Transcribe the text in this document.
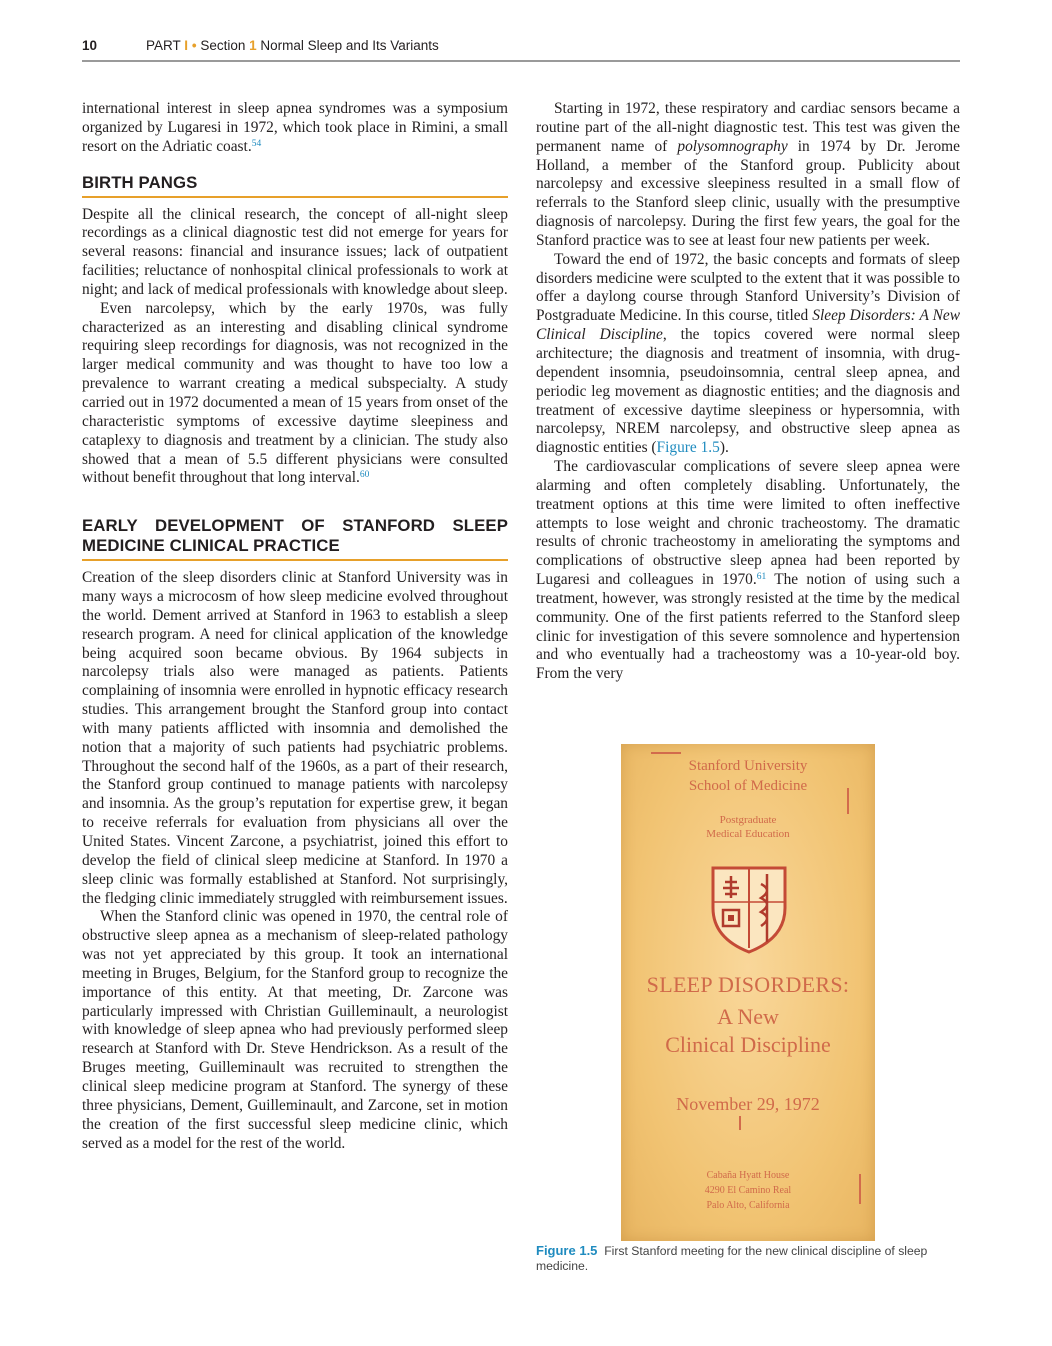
10	PART I • Section 1 Normal Sleep and Its Variants

international interest in sleep apnea syndromes was a symposium organized by Lugaresi in 1972, which took place in Rimini, a small resort on the Adriatic coast.$^{54}$

BIRTH PANGS

Despite all the clinical research, the concept of all-night sleep recordings as a clinical diagnostic test did not emerge for years for several reasons: financial and insurance issues; lack of outpatient facilities; reluctance of nonhospital clinical professionals to work at night; and lack of medical professionals with knowledge about sleep.

Even narcolepsy, which by the early 1970s, was fully characterized as an interesting and disabling clinical syndrome requiring sleep recordings for diagnosis, was not recognized in the larger medical community and was thought to have too low a prevalence to warrant creating a medical subspecialty. A study carried out in 1972 documented a mean of 15 years from onset of the characteristic symptoms of excessive daytime sleepiness and cataplexy to diagnosis and treatment by a clinician. The study also showed that a mean of 5.5 different physicians were consulted without benefit throughout that long interval.$^{60}$

EARLY DEVELOPMENT OF STANFORD SLEEP MEDICINE CLINICAL PRACTICE

Creation of the sleep disorders clinic at Stanford University was in many ways a microcosm of how sleep medicine evolved throughout the world. Dement arrived at Stanford in 1963 to establish a sleep research program. A need for clinical application of the knowledge being acquired soon became obvious. By 1964 subjects in narcolepsy trials also were managed as patients. Patients complaining of insomnia were enrolled in hypnotic efficacy research studies. This arrangement brought the Stanford group into contact with many patients afflicted with insomnia and demolished the notion that a majority of such patients had psychiatric problems. Throughout the second half of the 1960s, as a part of their research, the Stanford group continued to manage patients with narcolepsy and insomnia. As the group’s reputation for expertise grew, it began to receive referrals for evaluation from physicians all over the United States. Vincent Zarcone, a psychiatrist, joined this effort to develop the field of clinical sleep medicine at Stanford. In 1970 a sleep clinic was formally established at Stanford. Not surprisingly, the fledging clinic immediately struggled with reimbursement issues.

When the Stanford clinic was opened in 1970, the central role of obstructive sleep apnea as a mechanism of sleep-related pathology was not yet appreciated by this group. It took an international meeting in Bruges, Belgium, for the Stanford group to recognize the importance of this entity. At that meeting, Dr. Zarcone was particularly impressed with Christian Guilleminault, a neurologist with knowledge of sleep apnea who had previously performed sleep research at Stanford with Dr. Steve Hendrickson. As a result of the Bruges meeting, Guilleminault was recruited to strengthen the clinical sleep medicine program at Stanford. The synergy of these three physicians, Dement, Guilleminault, and Zarcone, set in motion the creation of the first successful sleep medicine clinic, which served as a model for the rest of the world.

Starting in 1972, these respiratory and cardiac sensors became a routine part of the all-night diagnostic test. This test was given the permanent name of polysomnography in 1974 by Dr. Jerome Holland, a member of the Stanford group. Publicity about narcolepsy and excessive sleepiness resulted in a small flow of referrals to the Stanford sleep clinic, usually with the presumptive diagnosis of narcolepsy. During the first few years, the goal for the Stanford practice was to see at least four new patients per week.

Toward the end of 1972, the basic concepts and formats of sleep disorders medicine were sculpted to the extent that it was possible to offer a daylong course through Stanford University’s Division of Postgraduate Medicine. In this course, titled Sleep Disorders: A New Clinical Discipline, the topics covered were normal sleep architecture; the diagnosis and treatment of insomnia, with drug-dependent insomnia, pseudoinsomnia, central sleep apnea, and periodic leg movement as diagnostic entities; and the diagnosis and treatment of excessive daytime sleepiness or hypersomnia, with narcolepsy, NREM narcolepsy, and obstructive sleep apnea as diagnostic entities (Figure 1.5).

The cardiovascular complications of severe sleep apnea were alarming and often completely disabling. Unfortunately, the treatment options at this time were limited to often ineffective attempts to lose weight and chronic tracheostomy. The dramatic results of chronic tracheostomy in ameliorating the symptoms and complications of obstructive sleep apnea had been reported by Lugaresi and colleagues in 1970.61 The notion of using such a treatment, however, was strongly resisted at the time by the medical community. One of the first patients referred to the Stanford sleep clinic for investigation of this severe somnolence and hypertension and who eventually had a tracheostomy was a 10-year-old boy. From the very

Stanford University
School of Medicine
Postgraduate
Medical Education
SLEEP DISORDERS:
A New
Clinical Discipline
November 29, 1972
Cabaña Hyatt House
4290 El Camino Real
Palo Alto, California
Figure 1.5 First Stanford meeting for the new clinical discipline of sleep medicine.
